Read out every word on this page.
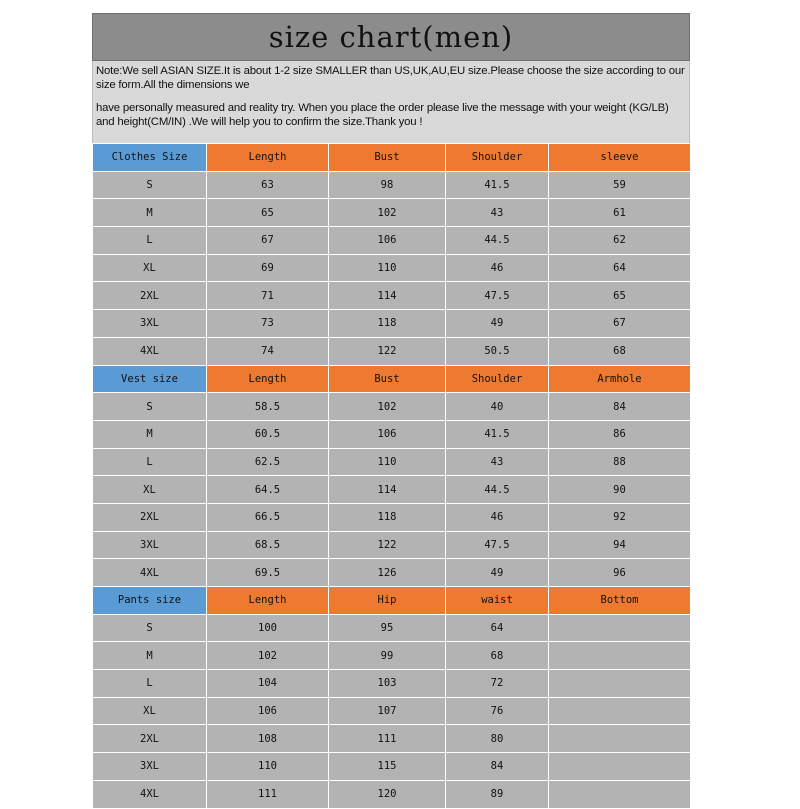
size chart(men)

Note:We sell ASIAN SIZE.It is about 1-2 size SMALLER than US,UK,AU,EU size.Please choose the size according to our size form.All the dimensions we

have personally measured and reality try. When you place the order please live the message with your weight (KG/LB) and height(CM/IN) .We will help you to confirm the size.Thank you !

Clothes Size	Length	Bust	Shoulder	sleeve
S	63	98	41.5	59
M	65	102	43	61
L	67	106	44.5	62
XL	69	110	46	64
2XL	71	114	47.5	65
3XL	73	118	49	67
4XL	74	122	50.5	68
Vest size	Length	Bust	Shoulder	Armhole
S	58.5	102	40	84
M	60.5	106	41.5	86
L	62.5	110	43	88
XL	64.5	114	44.5	90
2XL	66.5	118	46	92
3XL	68.5	122	47.5	94
4XL	69.5	126	49	96
Pants size	Length	Hip	waist	Bottom
S	100	95	64	
M	102	99	68	
L	104	103	72	
XL	106	107	76	
2XL	108	111	80	
3XL	110	115	84	
4XL	111	120	89	
